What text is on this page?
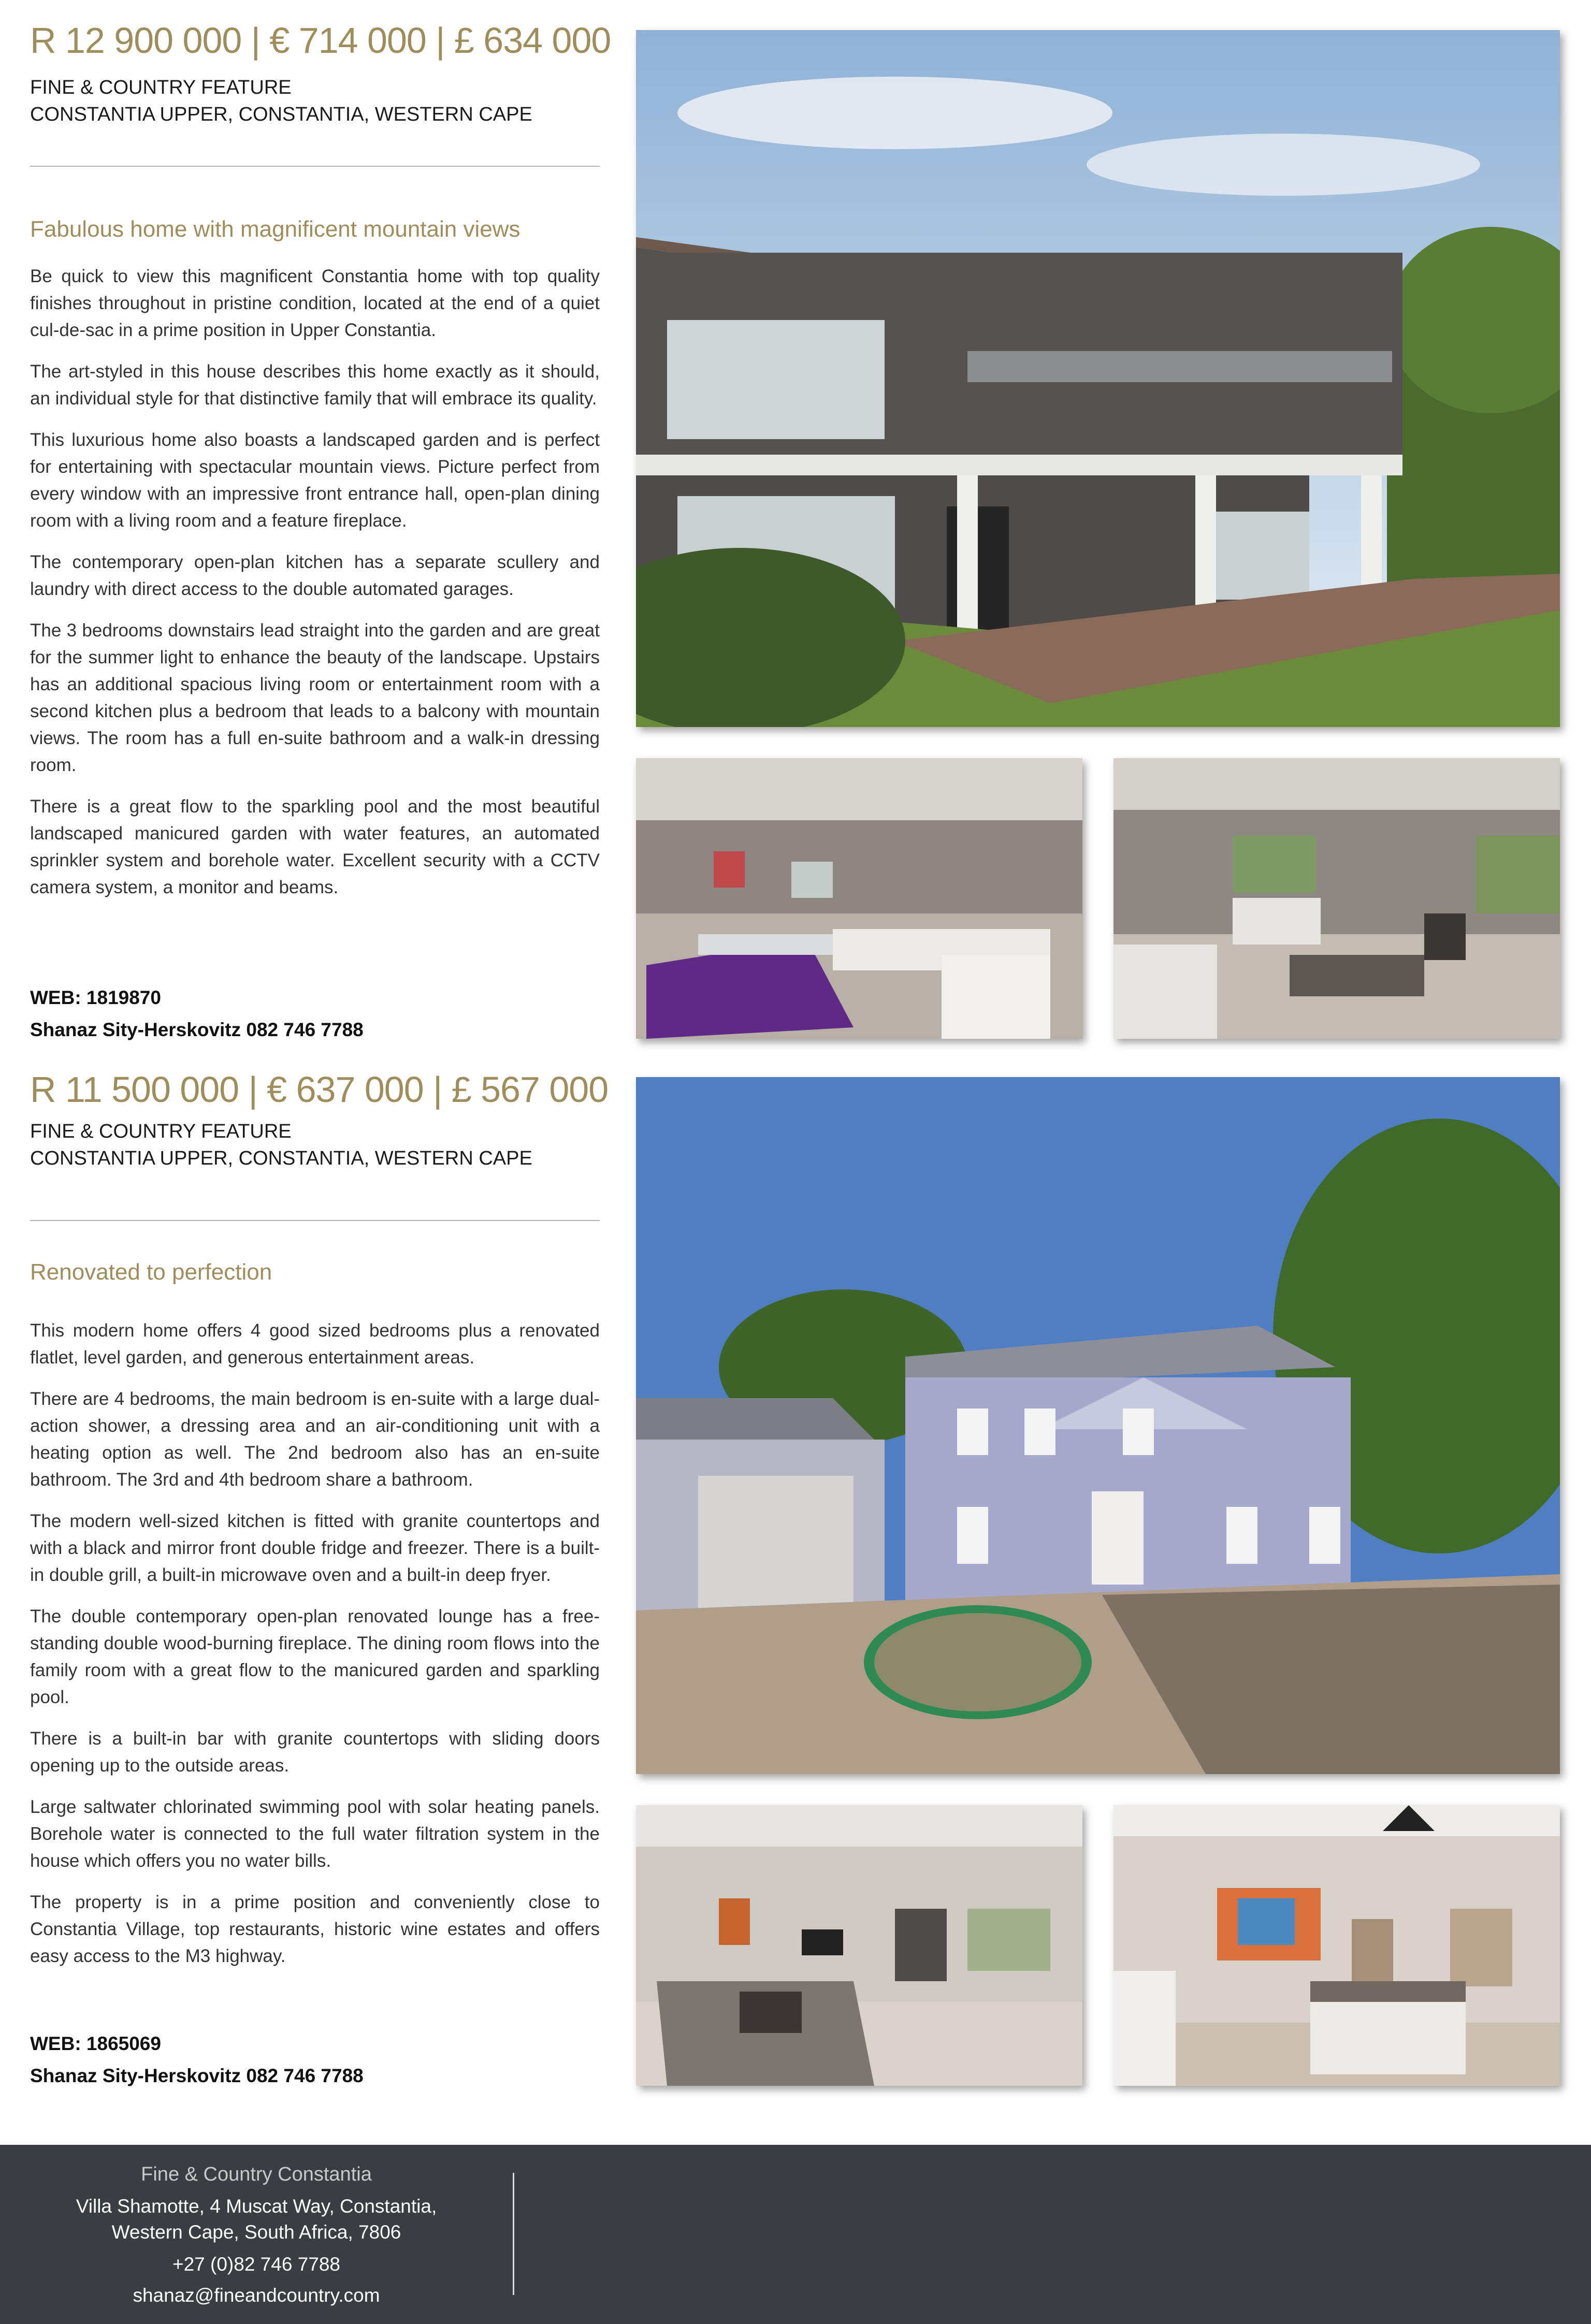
R 12 900 000 | € 714 000 | £ 634 000
FINE & COUNTRY FEATURE
CONSTANTIA UPPER, CONSTANTIA, WESTERN CAPE
Fabulous home with magnificent mountain views

Be quick to view this magnificent Constantia home with top quality finishes throughout in pristine condition, located at the end of a quiet cul-de-sac in a prime position in Upper Constantia.

The art-styled in this house describes this home exactly as it should, an individual style for that distinctive family that will embrace its quality.

This luxurious home also boasts a landscaped garden and is perfect for entertaining with spectacular mountain views. Picture perfect from every window with an impressive front entrance hall, open-plan dining room with a living room and a feature fireplace.

The contemporary open-plan kitchen has a separate scullery and laundry with direct access to the double automated garages.

The 3 bedrooms downstairs lead straight into the garden and are great for the summer light to enhance the beauty of the landscape. Upstairs has an additional spacious living room or entertainment room with a second kitchen plus a bedroom that leads to a balcony with mountain views. The room has a full en-suite bathroom and a walk-in dressing room.

There is a great flow to the sparkling pool and the most beautiful landscaped manicured garden with water features, an automated sprinkler system and borehole water. Excellent security with a CCTV camera system, a monitor and beams.

WEB: 1819870
Shanaz Sity-Herskovitz 082 746 7788
R 11 500 000 | € 637 000 | £ 567 000
FINE & COUNTRY FEATURE
CONSTANTIA UPPER, CONSTANTIA, WESTERN CAPE
Renovated to perfection

This modern home offers 4 good sized bedrooms plus a renovated flatlet, level garden, and generous entertainment areas.

There are 4 bedrooms, the main bedroom is en-suite with a large dual-action shower, a dressing area and an air-conditioning unit with a heating option as well. The 2nd bedroom also has an en-suite bathroom. The 3rd and 4th bedroom share a bathroom.

The modern well-sized kitchen is fitted with granite countertops and with a black and mirror front double fridge and freezer. There is a built-in double grill, a built-in microwave oven and a built-in deep fryer.

The double contemporary open-plan renovated lounge has a free-standing double wood-burning fireplace. The dining room flows into the family room with a great flow to the manicured garden and sparkling pool.

There is a built-in bar with granite countertops with sliding doors opening up to the outside areas.

Large saltwater chlorinated swimming pool with solar heating panels. Borehole water is connected to the full water filtration system in the house which offers you no water bills.

The property is in a prime position and conveniently close to Constantia Village, top restaurants, historic wine estates and offers easy access to the M3 highway.

WEB: 1865069
Shanaz Sity-Herskovitz 082 746 7788
Fine & Country Constantia
Villa Shamotte, 4 Muscat Way, Constantia,
Western Cape, South Africa, 7806
+27 (0)82 746 7788
shanaz@fineandcountry.com
